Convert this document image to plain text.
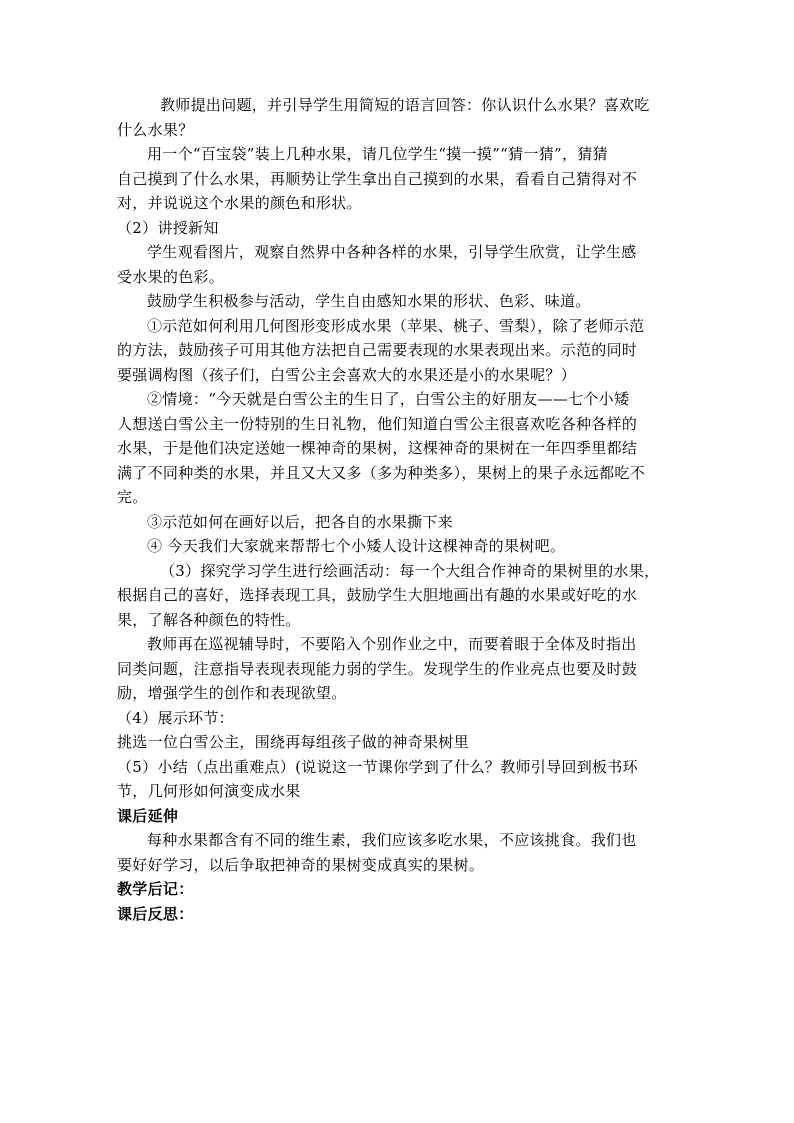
教师提出问题，并引导学生用简短的语言回答：你认识什么水果？喜欢吃
什么水果？
用一个“百宝袋”装上几种水果，请几位学生“摸一摸”“猜一猜”，猜猜
自己摸到了什么水果，再顺势让学生拿出自己摸到的水果，看看自己猜得对不
对，并说说这个水果的颜色和形状。
（2）讲授新知
学生观看图片，观察自然界中各种各样的水果，引导学生欣赏，让学生感
受水果的色彩。
鼓励学生积极参与活动，学生自由感知水果的形状、色彩、味道。
①示范如何利用几何图形变形成水果（苹果、桃子、雪梨），除了老师示范
的方法，鼓励孩子可用其他方法把自己需要表现的水果表现出来。示范的同时
要强调构图（孩子们，白雪公主会喜欢大的水果还是小的水果呢？）
②情境：“今天就是白雪公主的生日了，白雪公主的好朋友——七个小矮
人想送白雪公主一份特别的生日礼物，他们知道白雪公主很喜欢吃各种各样的
水果，于是他们决定送她一棵神奇的果树，这棵神奇的果树在一年四季里都结
满了不同种类的水果，并且又大又多（多为种类多），果树上的果子永远都吃不
完。
③示范如何在画好以后，把各自的水果撕下来
④ 今天我们大家就来帮帮七个小矮人设计这棵神奇的果树吧。
（3）探究学习学生进行绘画活动：每一个大组合作神奇的果树里的水果，
根据自己的喜好，选择表现工具，鼓励学生大胆地画出有趣的水果或好吃的水
果，了解各种颜色的特性。
教师再在巡视辅导时，不要陷入个别作业之中，而要着眼于全体及时指出
同类问题，注意指导表现表现能力弱的学生。发现学生的作业亮点也要及时鼓
励，增强学生的创作和表现欲望。
（4）展示环节：
挑选一位白雪公主，围绕再每组孩子做的神奇果树里
（5）小结（点出重难点）(说说这一节课你学到了什么？教师引导回到板书环
节，几何形如何演变成水果
课后延伸
每种水果都含有不同的维生素，我们应该多吃水果，不应该挑食。我们也
要好好学习，以后争取把神奇的果树变成真实的果树。
教学后记：
课后反思：
